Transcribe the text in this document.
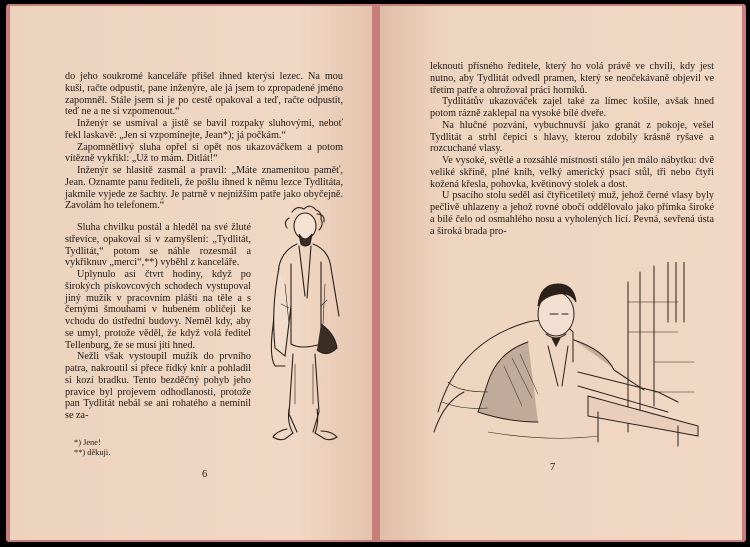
do jeho soukromé kanceláře přišel ihned kterýsi lezec. Na mou kuši, račte odpustit, pane inženýre, ale já jsem to zpropadené jméno zapomněl. Stále jsem si je po cestě opakoval a teď, račte odpustit, teď ne a ne si vzpomenout.“

Inženýr se usmíval a jistě se bavil rozpaky sluhovými, neboť řekl laskavě: „Jen si vzpomínejte, Jean*); já počkám.“

Zapomnětlivý sluha opřel si opět nos ukazováčkem a potom vítězně vykřikl: „Už to mám. Ditlát!“

Inženýr se hlasitě zasmál a pravil: „Máte znamenitou paměť, Jean. Oznamte panu řediteli, že pošlu ihned k němu lezce Tydlitáta, jakmile vyjede ze šachty. Je patrně v nejnižším patře jako obyčejně. Zavolám ho telefonem.“

Sluha chvilku postál a hleděl na své žluté střevíce, opakoval si v zamyšlení: „Tydlitát, Tydlitát,“ potom se náhle rozesmál a vykřiknuv „merci“,**) vyběhl z kanceláře.

Uplynulo asi čtvrt hodiny, když po širokých pískovcových schodech vystupoval jiný mužík v pracovním plášti na těle a s černými šmouhami v hubeném obličeji ke vchodu do ústřední budovy. Neměl kdy, aby se umyl, protože věděl, že když volá ředitel Tellenburg, že se musí jíti hned.

Nežli však vystoupil mužík do prvního patra, nakroutil si přece řídký knír a pohladil si kozí bradku. Tento bezděčný pohyb jeho pravice byl projevem odhodlanosti, protože pan Tydlitát nebál se ani rohatého a nemínil se za-

*) Jene!
**) děkuji.
6

leknouti přísného ředitele, který ho volá právě ve chvíli, kdy jest nutno, aby Tydlitát odvedl pramen, který se neočekávaně objevil ve třetím patře a ohrožoval práci horníků.

Tydlitátův ukazováček zajel také za límec košile, avšak hned potom rázně zaklepal na vysoké bílé dveře.

Na hlučné pozvání, vybuchnuvší jako granát z pokoje, vešel Tydlitát a strhl čepici s hlavy, kterou zdobily krásně ryšavé a rozcuchané vlasy.

Ve vysoké, světlé a rozsáhlé místnosti stálo jen málo nábytku: dvě veliké skříně, plné knih, velký americký psací stůl, tři nebo čtyři kožená křesla, pohovka, květinový stolek a dost.

U psacího stolu seděl asi čtyřicetiletý muž, jehož černé vlasy byly pečlivě uhlazeny a jehož rovné obočí oddělovalo jako přímka široké a bílé čelo od osmahlého nosu a vyholených lící. Pevná, sevřená ústa a široká brada pro-

7
